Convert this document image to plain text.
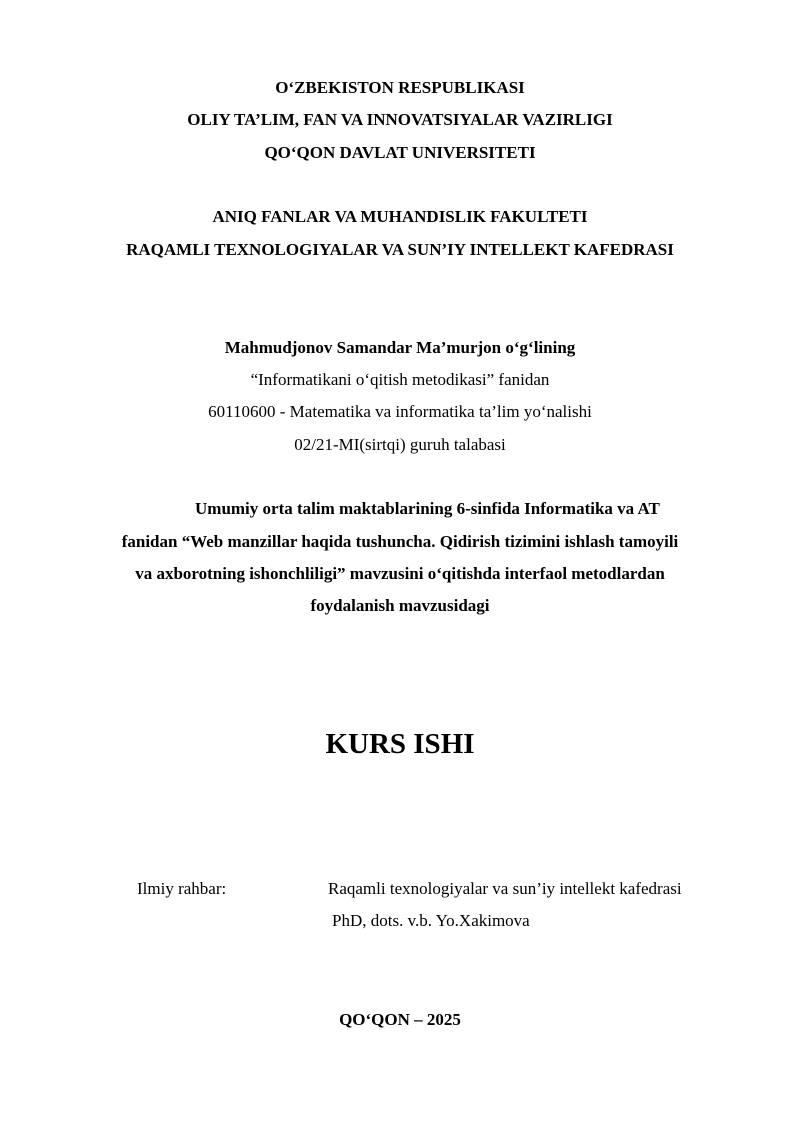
O‘ZBEKISTON RESPUBLIKASI
OLIY TA’LIM, FAN VA INNOVATSIYALAR VAZIRLIGI
QO‘QON DAVLAT UNIVERSITETI
ANIQ FANLAR VA MUHANDISLIK FAKULTETI
RAQAMLI TEXNOLOGIYALAR VA SUN’IY INTELLEKT KAFEDRASI
Mahmudjonov Samandar Ma’murjon o‘g‘lining
“Informatikani o‘qitish metodikasi” fanidan
60110600 - Matematika va informatika ta’lim yo‘nalishi
02/21-MI(sirtqi) guruh talabasi
Umumiy orta talim maktablarining 6-sinfida Informatika va AT
fanidan “Web manzillar haqida tushuncha. Qidirish tizimini ishlash tamoyili
va axborotning ishonchliligi” mavzusini o‘qitishda interfaol metodlardan
foydalanish mavzusidagi
KURS ISHI
Ilmiy rahbar:	Raqamli texnologiyalar va sun’iy intellekt kafedrasi
PhD, dots. v.b. Yo.Xakimova
QO‘QON – 2025
